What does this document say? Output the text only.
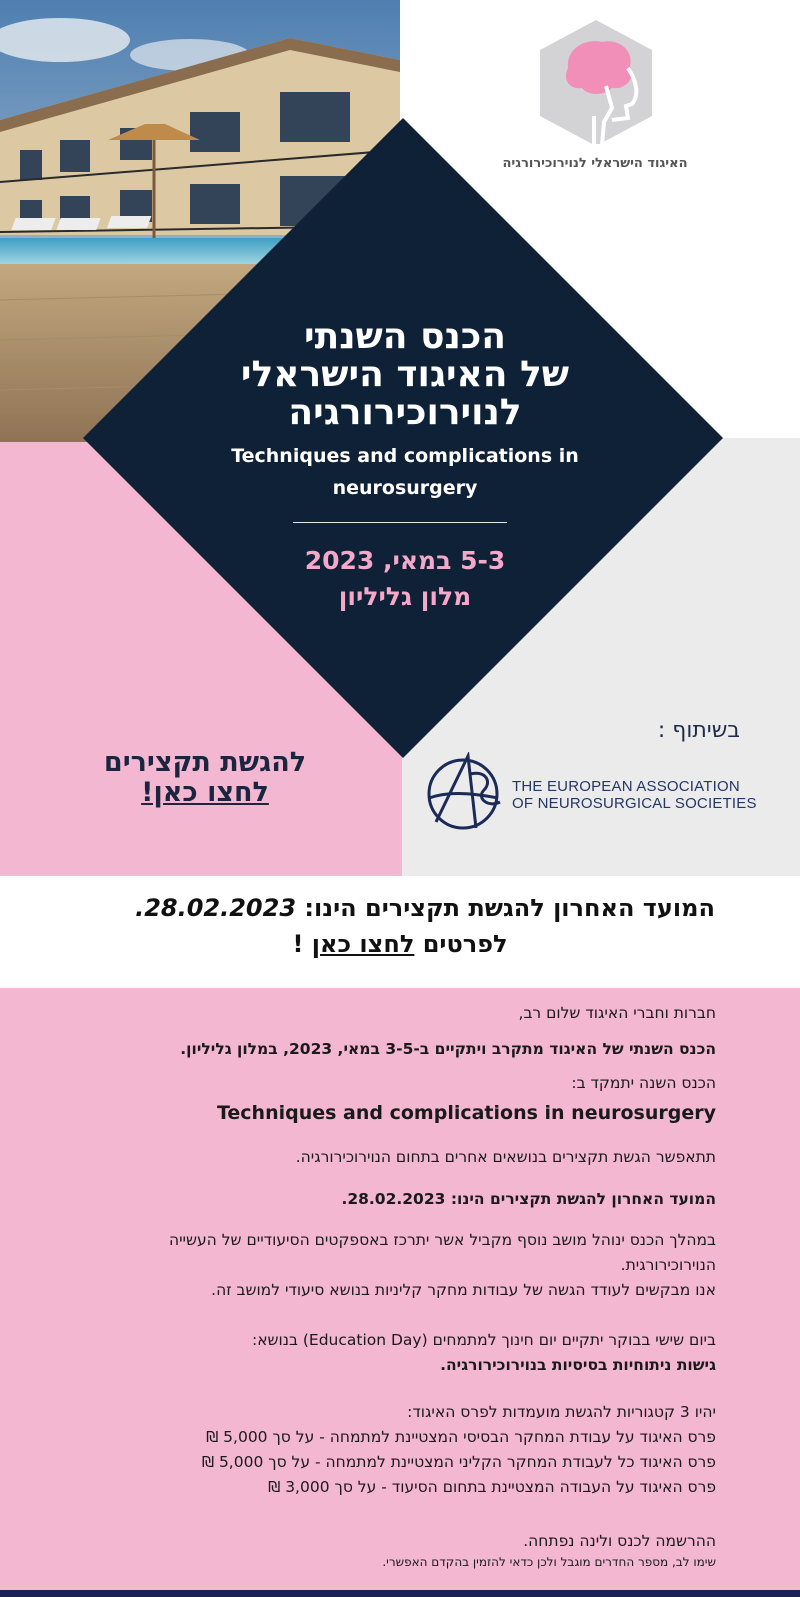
האיגוד הישראלי לנוירוכירורגיה
הכנס השנתי
של האיגוד הישראלי
לנוירוכירורגיה
Techniques and complications in
neurosurgery
5-3 במאי, 2023
מלון גליליון
להגשת תקצירים
לחצו כאן!
בשיתוף :
THE EUROPEAN ASSOCIATION
OF NEUROSURGICAL SOCIETIES
המועד האחרון להגשת תקצירים הינו: 28.02.2023.
לפרטים לחצו כאן !
חברות וחברי האיגוד שלום רב,
הכנס השנתי של האיגוד מתקרב ויתקיים ב-3-5 במאי, 2023, במלון גליליון.
הכנס השנה יתמקד ב:
Techniques and complications in neurosurgery
תתאפשר הגשת תקצירים בנושאים אחרים בתחום הנוירוכירורגיה.
המועד האחרון להגשת תקצירים הינו: 28.02.2023.
במהלך הכנס ינוהל מושב נוסף מקביל אשר יתרכז באספקטים הסיעודיים של העשייה
הנוירוכירורגית.
אנו מבקשים לעודד הגשה של עבודות מחקר קליניות בנושא סיעודי למושב זה.
ביום שישי בבוקר יתקיים יום חינוך למתמחים (Education Day) בנושא:
גישות ניתוחיות בסיסיות בנוירוכירורגיה.
יהיו 3 קטגוריות להגשת מועמדות לפרס האיגוד:
פרס האיגוד על עבודת המחקר הבסיסי המצטיינת למתמחה - על סך 5,000 ₪
פרס האיגוד כל לעבודת המחקר הקליני המצטיינת למתמחה - על סך 5,000 ₪
פרס האיגוד על העבודה המצטיינת בתחום הסיעוד - על סך 3,000 ₪
ההרשמה לכנס ולינה נפתחה.
שימו לב, מספר החדרים מוגבל ולכן כדאי להזמין בהקדם האפשרי.
